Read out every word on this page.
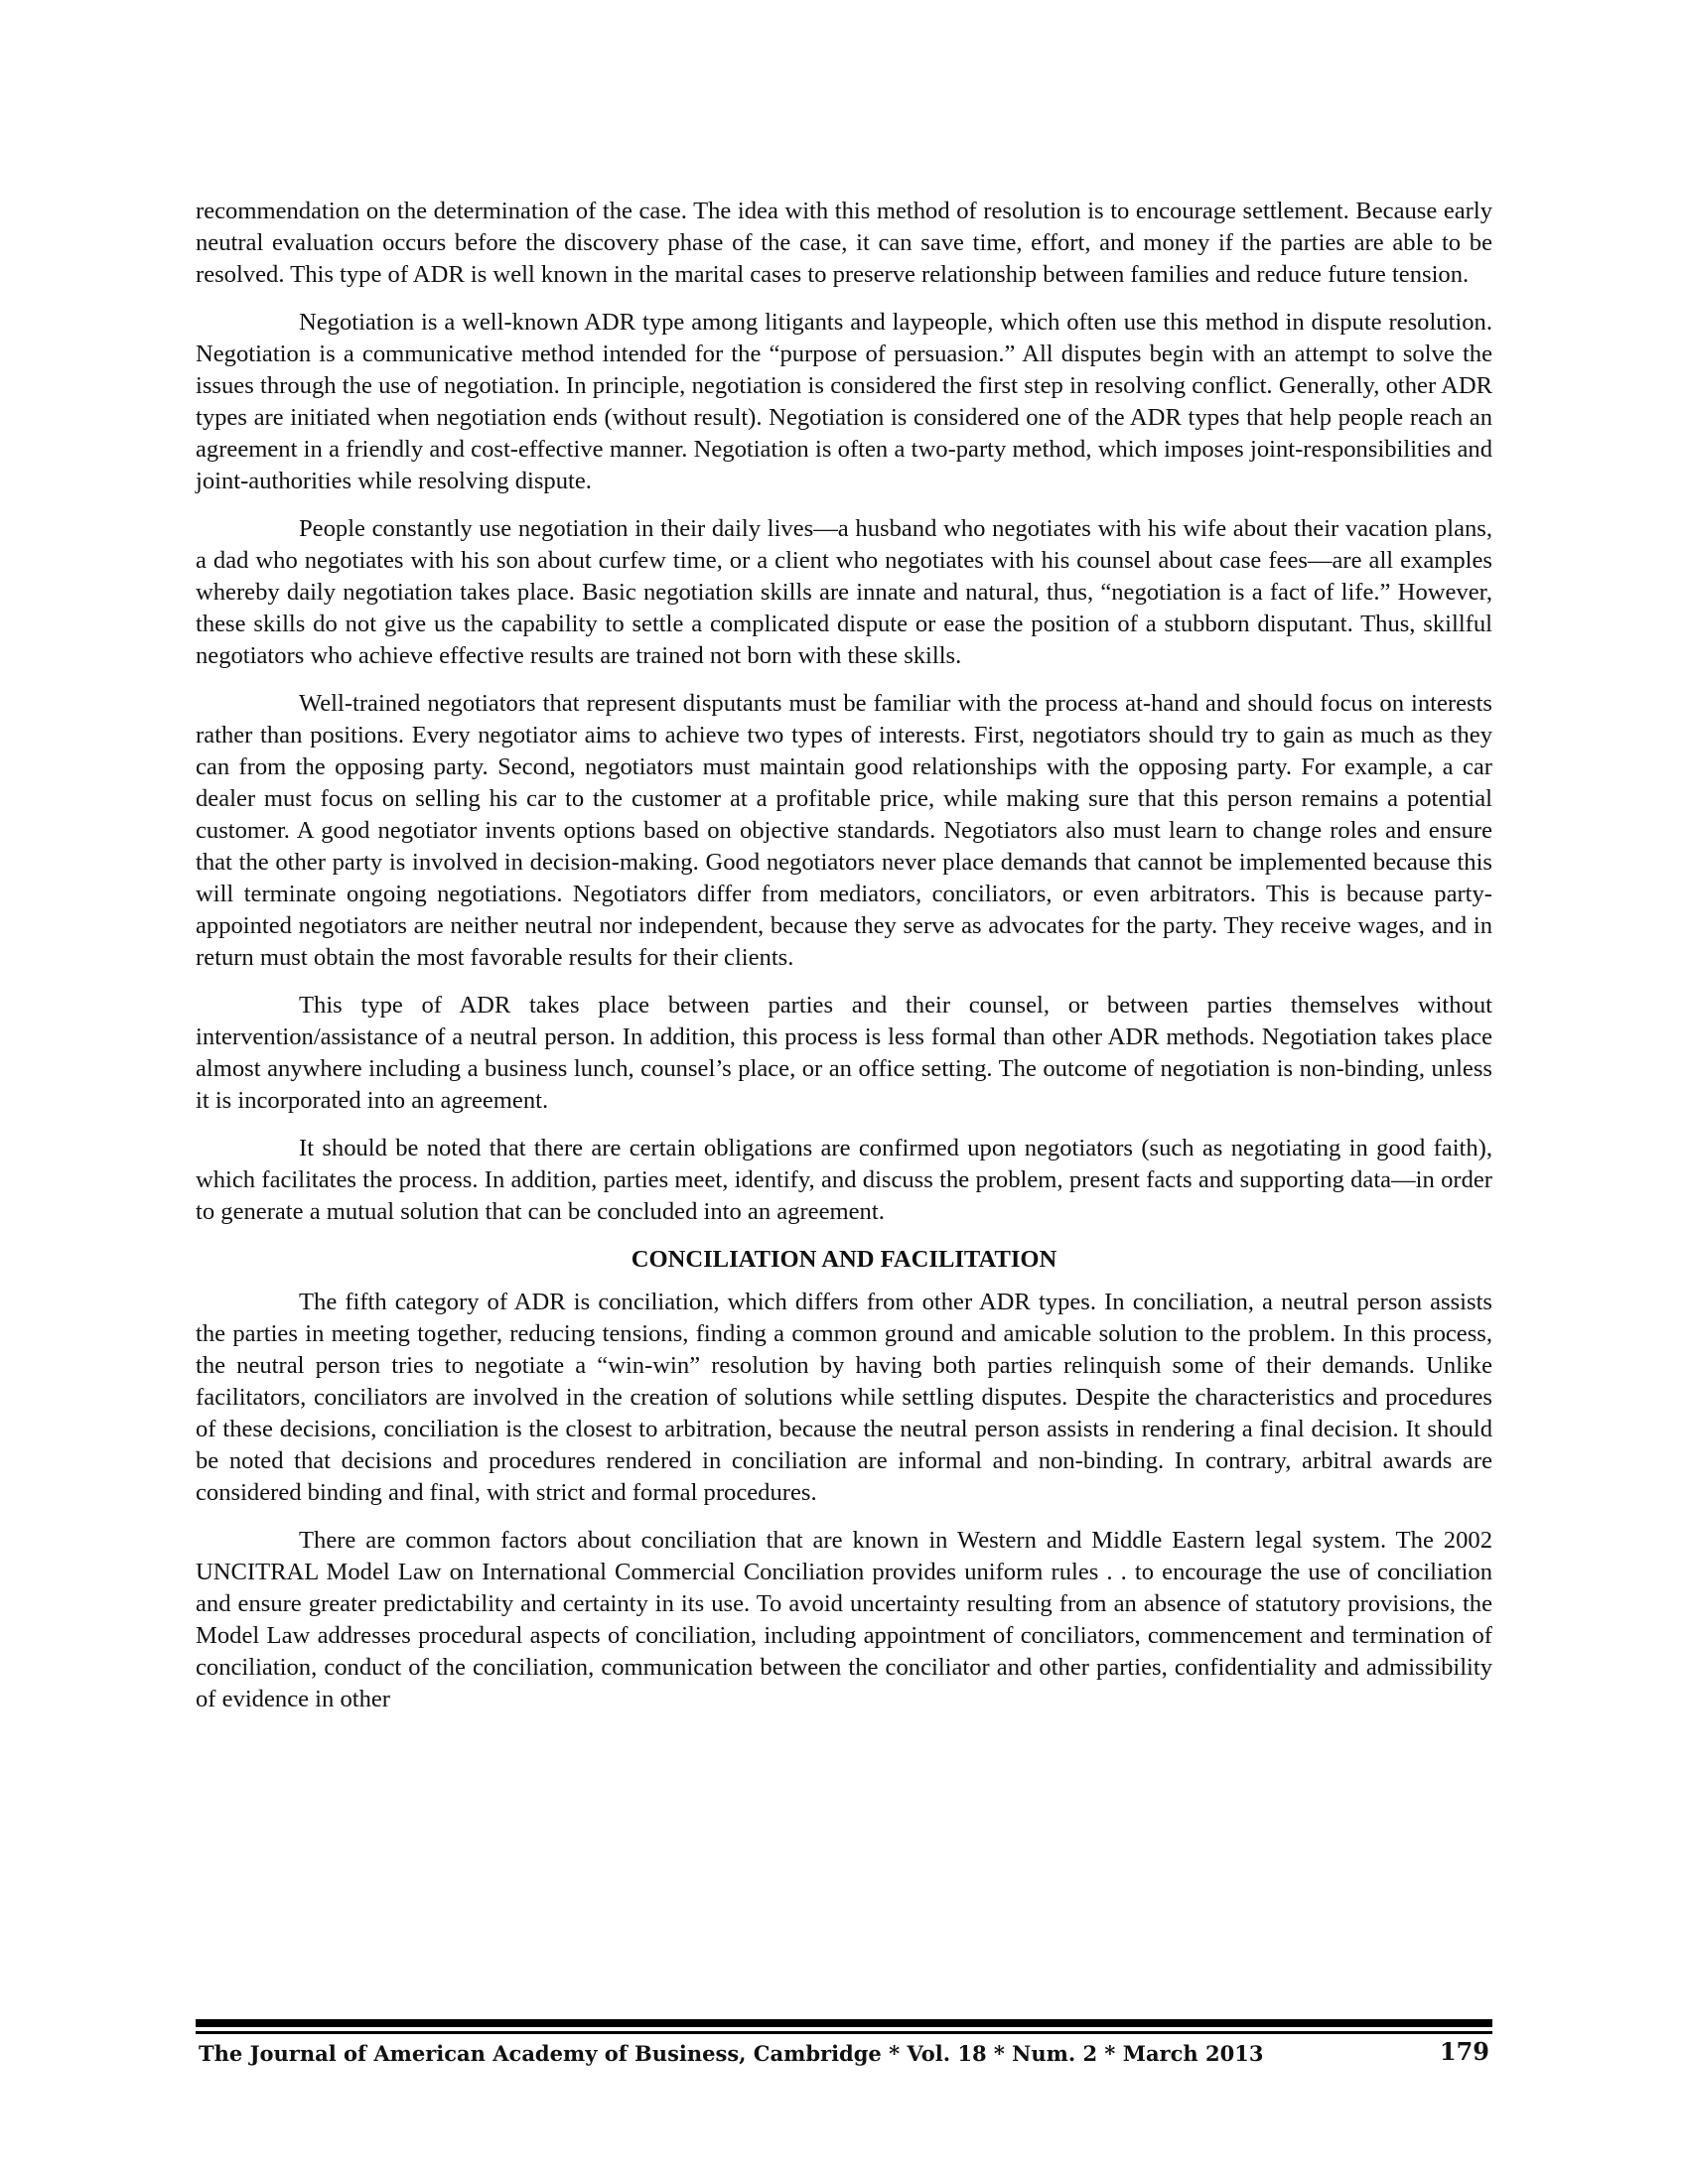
recommendation on the determination of the case. The idea with this method of resolution is to encourage settlement. Because early neutral evaluation occurs before the discovery phase of the case, it can save time, effort, and money if the parties are able to be resolved. This type of ADR is well known in the marital cases to preserve relationship between families and reduce future tension.

Negotiation is a well-known ADR type among litigants and laypeople, which often use this method in dispute resolution. Negotiation is a communicative method intended for the “purpose of persuasion.” All disputes begin with an attempt to solve the issues through the use of negotiation. In principle, negotiation is considered the first step in resolving conflict. Generally, other ADR types are initiated when negotiation ends (without result). Negotiation is considered one of the ADR types that help people reach an agreement in a friendly and cost-effective manner. Negotiation is often a two-party method, which imposes joint-responsibilities and joint-authorities while resolving dispute.

People constantly use negotiation in their daily lives—a husband who negotiates with his wife about their vacation plans, a dad who negotiates with his son about curfew time, or a client who negotiates with his counsel about case fees—are all examples whereby daily negotiation takes place. Basic negotiation skills are innate and natural, thus, “negotiation is a fact of life.” However, these skills do not give us the capability to settle a complicated dispute or ease the position of a stubborn disputant. Thus, skillful negotiators who achieve effective results are trained not born with these skills.

Well-trained negotiators that represent disputants must be familiar with the process at-hand and should focus on interests rather than positions. Every negotiator aims to achieve two types of interests. First, negotiators should try to gain as much as they can from the opposing party. Second, negotiators must maintain good relationships with the opposing party. For example, a car dealer must focus on selling his car to the customer at a profitable price, while making sure that this person remains a potential customer. A good negotiator invents options based on objective standards. Negotiators also must learn to change roles and ensure that the other party is involved in decision-making. Good negotiators never place demands that cannot be implemented because this will terminate ongoing negotiations. Negotiators differ from mediators, conciliators, or even arbitrators. This is because party-appointed negotiators are neither neutral nor independent, because they serve as advocates for the party. They receive wages, and in return must obtain the most favorable results for their clients.

This type of ADR takes place between parties and their counsel, or between parties themselves without intervention/assistance of a neutral person. In addition, this process is less formal than other ADR methods. Negotiation takes place almost anywhere including a business lunch, counsel’s place, or an office setting. The outcome of negotiation is non-binding, unless it is incorporated into an agreement.

It should be noted that there are certain obligations are confirmed upon negotiators (such as negotiating in good faith), which facilitates the process. In addition, parties meet, identify, and discuss the problem, present facts and supporting data—in order to generate a mutual solution that can be concluded into an agreement.

CONCILIATION AND FACILITATION

The fifth category of ADR is conciliation, which differs from other ADR types. In conciliation, a neutral person assists the parties in meeting together, reducing tensions, finding a common ground and amicable solution to the problem. In this process, the neutral person tries to negotiate a “win-win” resolution by having both parties relinquish some of their demands. Unlike facilitators, conciliators are involved in the creation of solutions while settling disputes. Despite the characteristics and procedures of these decisions, conciliation is the closest to arbitration, because the neutral person assists in rendering a final decision. It should be noted that decisions and procedures rendered in conciliation are informal and non-binding. In contrary, arbitral awards are considered binding and final, with strict and formal procedures.

There are common factors about conciliation that are known in Western and Middle Eastern legal system. The 2002 UNCITRAL Model Law on International Commercial Conciliation provides uniform rules . . to encourage the use of conciliation and ensure greater predictability and certainty in its use. To avoid uncertainty resulting from an absence of statutory provisions, the Model Law addresses procedural aspects of conciliation, including appointment of conciliators, commencement and termination of conciliation, conduct of the conciliation, communication between the conciliator and other parties, confidentiality and admissibility of evidence in other

The Journal of American Academy of Business, Cambridge * Vol. 18 * Num. 2 * March 2013	179
